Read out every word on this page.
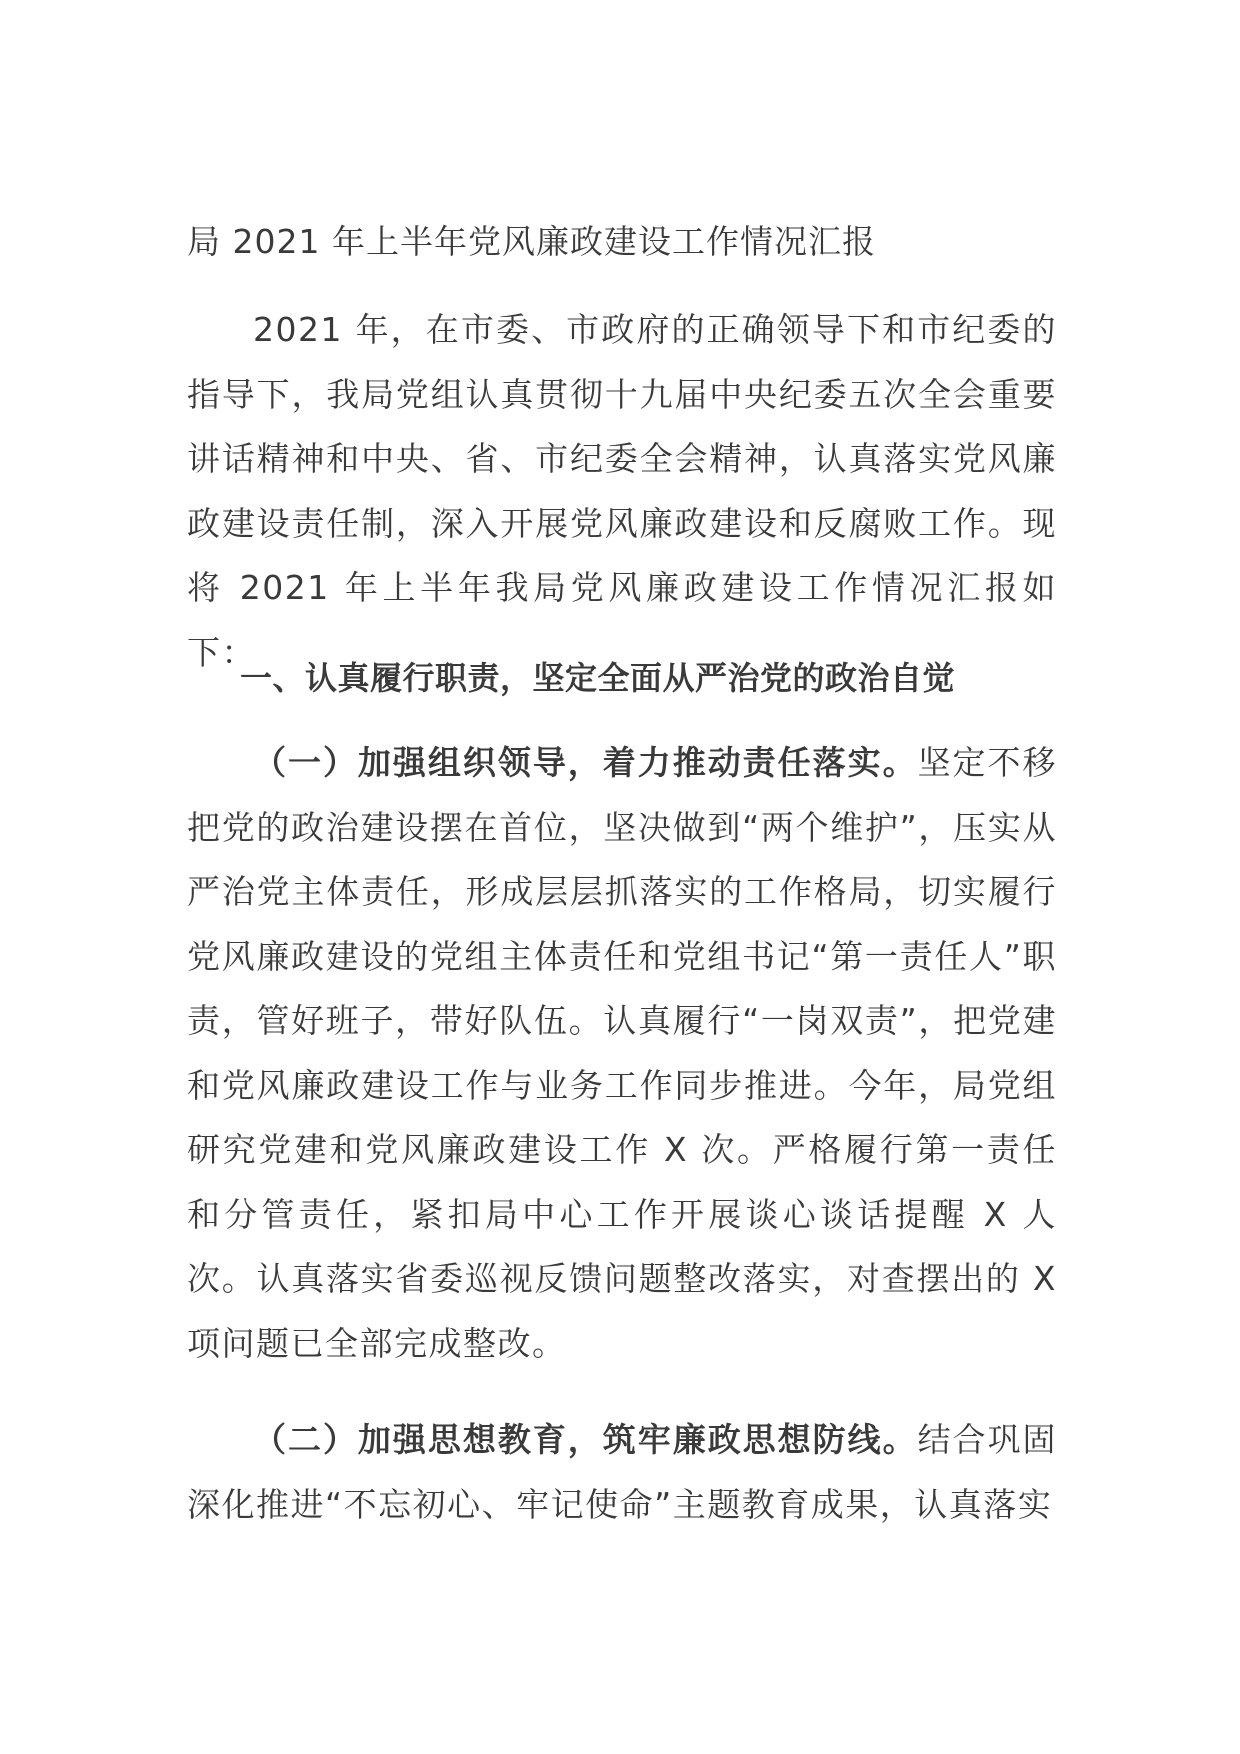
局 2021 年上半年党风廉政建设工作情况汇报
2021 年，在市委、市政府的正确领导下和市纪委的指导下，我局党组认真贯彻十九届中央纪委五次全会重要讲话精神和中央、省、市纪委全会精神，认真落实党风廉政建设责任制，深入开展党风廉政建设和反腐败工作。现将 2021 年上半年我局党风廉政建设工作情况汇报如下：
一、认真履行职责，坚定全面从严治党的政治自觉
（一）加强组织领导，着力推动责任落实。坚定不移把党的政治建设摆在首位，坚决做到“两个维护”，压实从严治党主体责任，形成层层抓落实的工作格局，切实履行党风廉政建设的党组主体责任和党组书记“第一责任人”职责，管好班子，带好队伍。认真履行“一岗双责”，把党建和党风廉政建设工作与业务工作同步推进。今年，局党组研究党建和党风廉政建设工作 X 次。严格履行第一责任和分管责任，紧扣局中心工作开展谈心谈话提醒 X 人次。认真落实省委巡视反馈问题整改落实，对查摆出的 X 项问题已全部完成整改。
（二）加强思想教育，筑牢廉政思想防线。结合巩固深化推进“不忘初心、牢记使命”主题教育成果，认真落实
